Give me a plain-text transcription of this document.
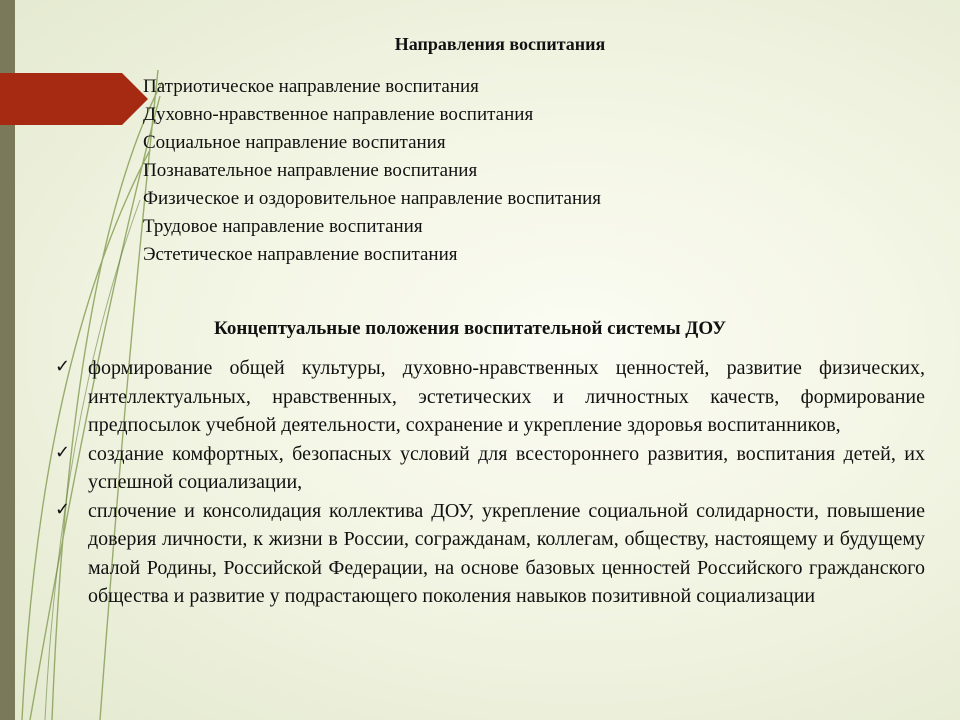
Направления воспитания
Патриотическое направление воспитания
Духовно-нравственное направление воспитания
Социальное направление воспитания
Познавательное направление воспитания
Физическое и оздоровительное направление воспитания
Трудовое направление воспитания
Эстетическое направление воспитания
Концептуальные положения воспитательной системы ДОУ
✓ формирование общей культуры, духовно-нравственных ценностей, развитие физических, интеллектуальных, нравственных, эстетических и личностных качеств, формирование предпосылок учебной деятельности, сохранение и укрепление здоровья воспитанников,
✓ создание комфортных, безопасных условий для всестороннего развития, воспитания детей, их успешной социализации,
✓ сплочение и консолидация коллектива ДОУ, укрепление социальной солидарности, повышение доверия личности, к жизни в России, согражданам, коллегам, обществу, настоящему и будущему малой Родины, Российской Федерации, на основе базовых ценностей Российского гражданского общества и развитие у подрастающего поколения навыков позитивной социализации
